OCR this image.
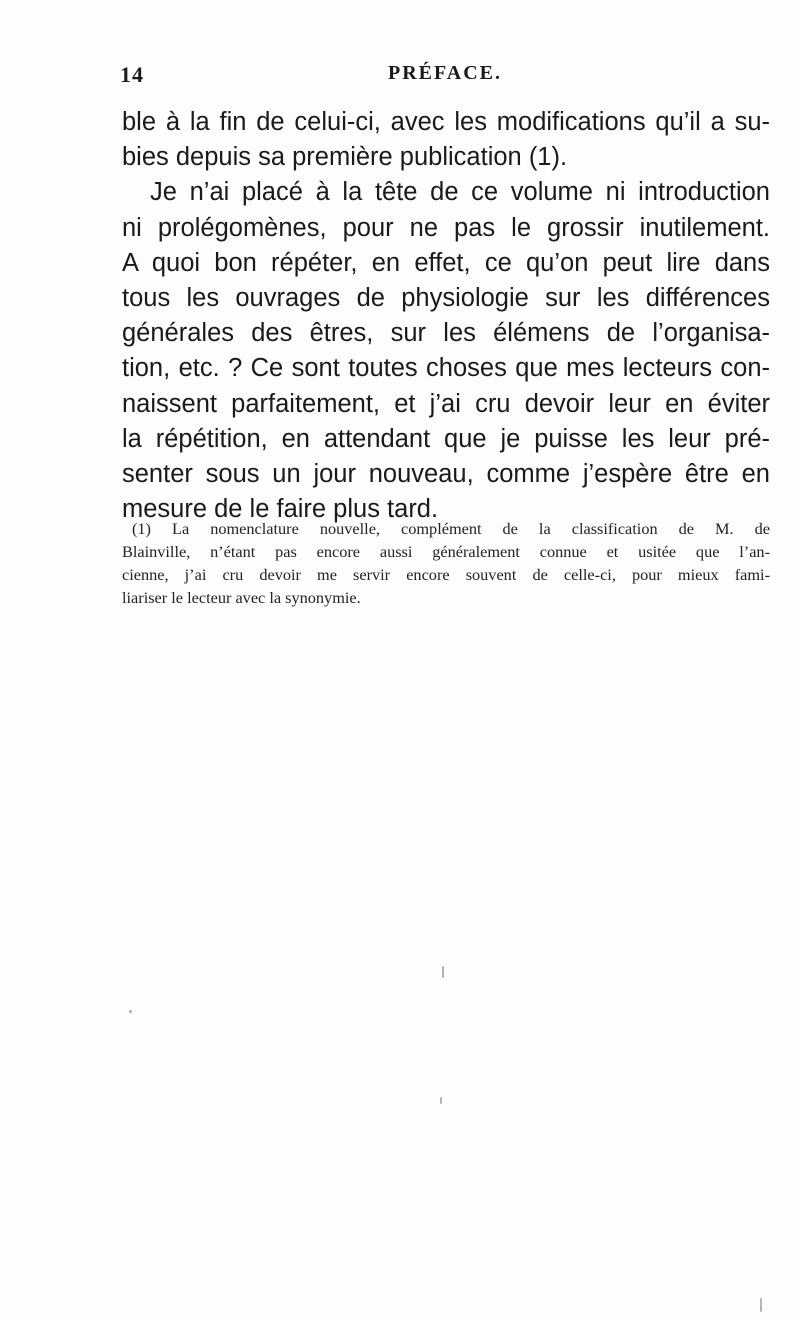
14	PRÉFACE.
ble à la fin de celui-ci, avec les modifications qu’il a su-
bies depuis sa première publication (1).
Je n’ai placé à la tête de ce volume ni introduction
ni prolégomènes, pour ne pas le grossir inutilement.
A quoi bon répéter, en effet, ce qu’on peut lire dans
tous les ouvrages de physiologie sur les différences
générales des êtres, sur les élémens de l’organisa-
tion, etc. ? Ce sont toutes choses que mes lecteurs con-
naissent parfaitement, et j’ai cru devoir leur en éviter
la répétition, en attendant que je puisse les leur pré-
senter sous un jour nouveau, comme j’espère être en
mesure de le faire plus tard.
(1) La nomenclature nouvelle, complément de la classification de M. de
Blainville, n’étant pas encore aussi généralement connue et usitée que l’an-
cienne, j’ai cru devoir me servir encore souvent de celle-ci, pour mieux fami-
liariser le lecteur avec la synonymie.
